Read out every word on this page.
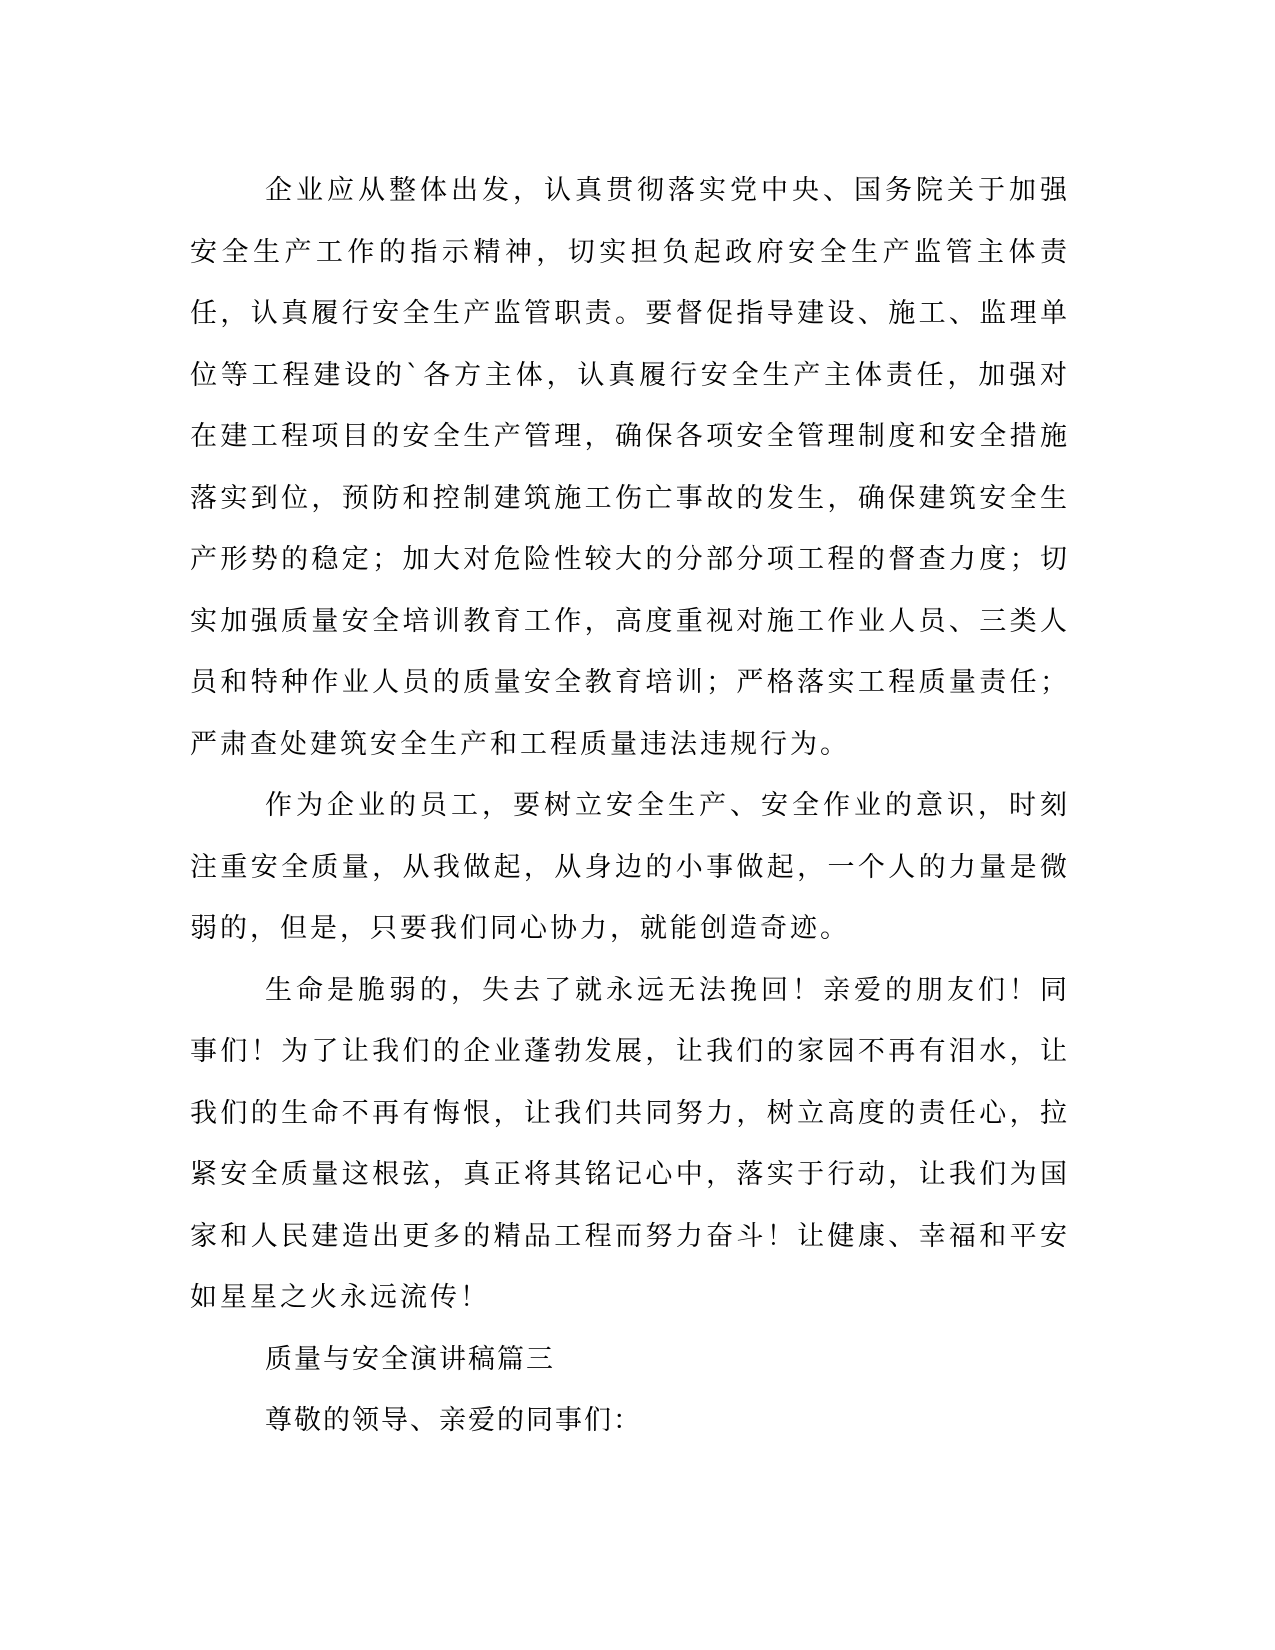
企业应从整体出发，认真贯彻落实党中央、国务院关于加强安全生产工作的指示精神，切实担负起政府安全生产监管主体责任，认真履行安全生产监管职责。要督促指导建设、施工、监理单位等工程建设的`各方主体，认真履行安全生产主体责任，加强对在建工程项目的安全生产管理，确保各项安全管理制度和安全措施落实到位，预防和控制建筑施工伤亡事故的发生，确保建筑安全生产形势的稳定；加大对危险性较大的分部分项工程的督查力度；切实加强质量安全培训教育工作，高度重视对施工作业人员、三类人员和特种作业人员的质量安全教育培训；严格落实工程质量责任；严肃查处建筑安全生产和工程质量违法违规行为。

作为企业的员工，要树立安全生产、安全作业的意识，时刻注重安全质量，从我做起，从身边的小事做起，一个人的力量是微弱的，但是，只要我们同心协力，就能创造奇迹。

生命是脆弱的，失去了就永远无法挽回！亲爱的朋友们！同事们！为了让我们的企业蓬勃发展，让我们的家园不再有泪水，让我们的生命不再有悔恨，让我们共同努力，树立高度的责任心，拉紧安全质量这根弦，真正将其铭记心中，落实于行动，让我们为国家和人民建造出更多的精品工程而努力奋斗！让健康、幸福和平安如星星之火永远流传！

质量与安全演讲稿篇三

尊敬的领导、亲爱的同事们：
